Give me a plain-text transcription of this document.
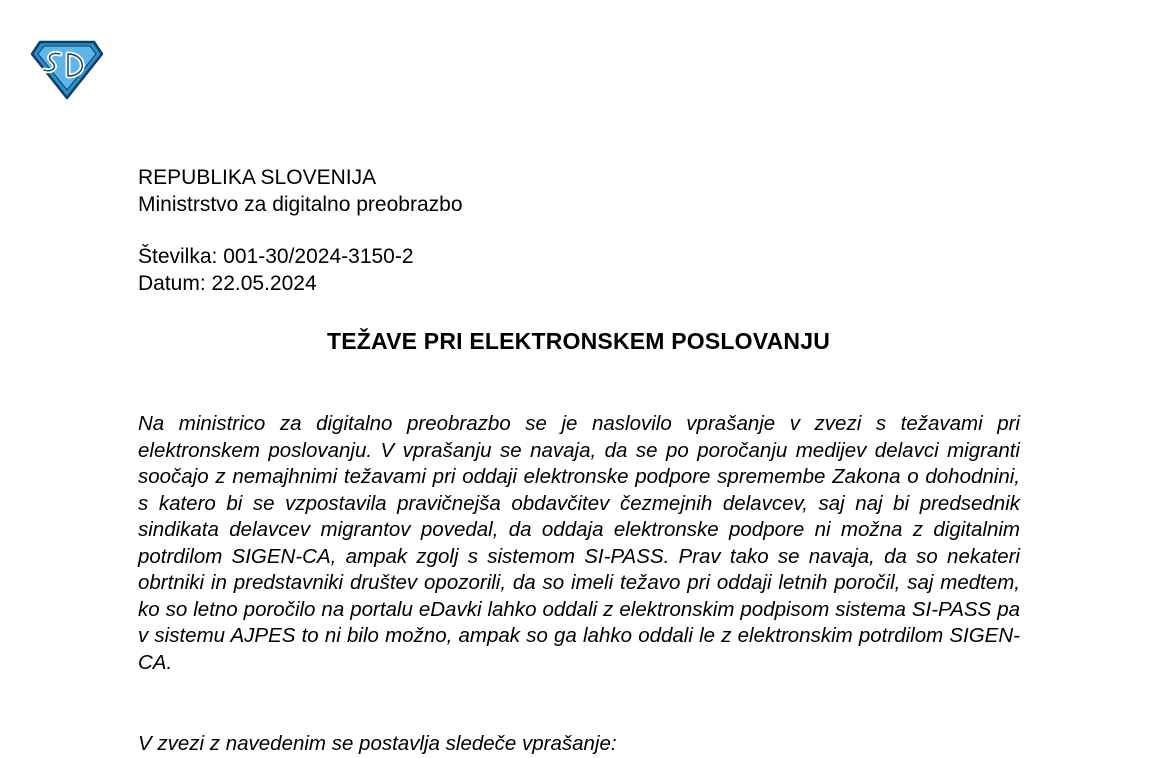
REPUBLIKA SLOVENIJA
Ministrstvo za digitalno preobrazbo
Številka: 001-30/2024-3150-2
Datum: 22.05.2024
TEŽAVE PRI ELEKTRONSKEM POSLOVANJU

Na ministrico za digitalno preobrazbo se je naslovilo vprašanje v zvezi s težavami pri elektronskem poslovanju. V vprašanju se navaja, da se po poročanju medijev delavci migranti soočajo z nemajhnimi težavami pri oddaji elektronske podpore spremembe Zakona o dohodnini, s katero bi se vzpostavila pravičnejša obdavčitev čezmejnih delavcev, saj naj bi predsednik sindikata delavcev migrantov povedal, da oddaja elektronske podpore ni možna z digitalnim potrdilom SIGEN-CA, ampak zgolj s sistemom SI-PASS. Prav tako se navaja, da so nekateri obrtniki in predstavniki društev opozorili, da so imeli težavo pri oddaji letnih poročil, saj medtem, ko so letno poročilo na portalu eDavki lahko oddali z elektronskim podpisom sistema SI-PASS pa v sistemu AJPES to ni bilo možno, ampak so ga lahko oddali le z elektronskim potrdilom SIGEN-CA.

V zvezi z navedenim se postavlja sledeče vprašanje:
